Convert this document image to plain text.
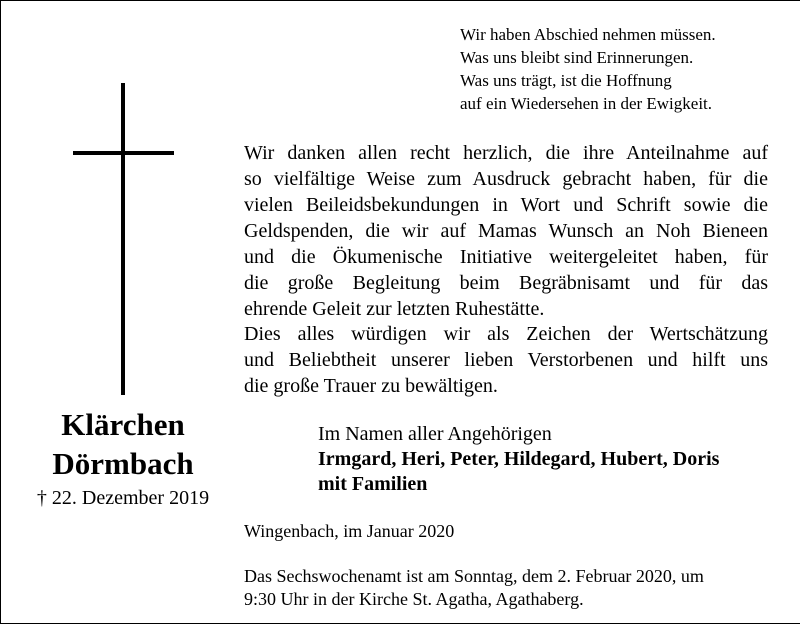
Wir haben Abschied nehmen müssen.
Was uns bleibt sind Erinnerungen.
Was uns trägt, ist die Hoffnung
auf ein Wiedersehen in der Ewigkeit.
Wir danken allen recht herzlich, die ihre Anteilnahme auf
so vielfältige Weise zum Ausdruck gebracht haben, für die
vielen Beileidsbekundungen in Wort und Schrift sowie die
Geldspenden, die wir auf Mamas Wunsch an Noh Bieneen
und die Ökumenische Initiative weitergeleitet haben, für
die große Begleitung beim Begräbnisamt und für das
ehrende Geleit zur letzten Ruhestätte.
Dies alles würdigen wir als Zeichen der Wertschätzung
und Beliebtheit unserer lieben Verstorbenen und hilft uns
die große Trauer zu bewältigen.
Klärchen
Dörmbach
† 22. Dezember 2019
Im Namen aller Angehörigen
Irmgard, Heri, Peter, Hildegard, Hubert, Doris
mit Familien
Wingenbach, im Januar 2020
Das Sechswochenamt ist am Sonntag, dem 2. Februar 2020, um
9:30 Uhr in der Kirche St. Agatha, Agathaberg.
